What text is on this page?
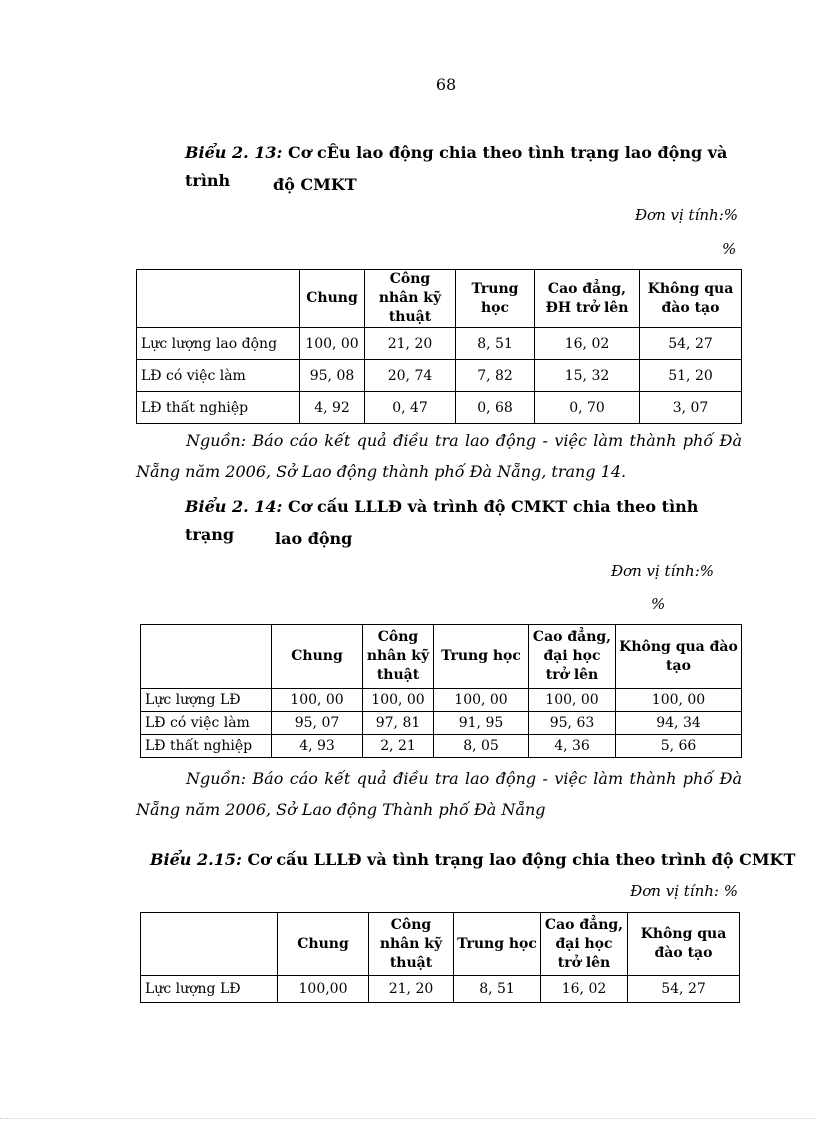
68
Biểu 2. 13: Cơ cÊu lao động chia theo tình trạng lao động và trình	độ CMKT
Đơn vị tính:%
%
	Chung	Công nhân kỹ thuật	Trung học	Cao đẳng, ĐH trở lên	Không qua đào tạo
Lực lượng lao động	100, 00	21, 20	8, 51	16, 02	54, 27
LĐ có việc làm	95, 08	20, 74	7, 82	15, 32	51, 20
LĐ thất nghiệp	4, 92	0, 47	0, 68	0, 70	3, 07
Nguồn: Báo cáo kết quả điều tra lao động - việc làm thành phố Đà
Nẵng năm 2006, Sở Lao động thành phố Đà Nẵng, trang 14.
Biểu 2. 14: Cơ cấu LLLĐ và trình độ CMKT chia theo tình trạng	lao động
Đơn vị tính:%
%
	Chung	Công nhân kỹ thuật	Trung học	Cao đẳng, đại học trở lên	Không qua đào tạo
Lực lượng LĐ	100, 00	100, 00	100, 00	100, 00	100, 00
LĐ có việc làm	95, 07	97, 81	91, 95	95, 63	94, 34
LĐ thất nghiệp	4, 93	2, 21	8, 05	4, 36	5, 66
Nguồn: Báo cáo kết quả điều tra lao động - việc làm thành phố Đà
Nẵng năm 2006, Sở Lao động Thành phố Đà Nẵng
Biểu 2.15: Cơ cấu LLLĐ và tình trạng lao động chia theo trình độ CMKT
Đơn vị tính: %
	Chung	Công nhân kỹ thuật	Trung học	Cao đẳng, đại học trở lên	Không qua đào tạo
Lực lượng LĐ	100,00	21, 20	8, 51	16, 02	54, 27
